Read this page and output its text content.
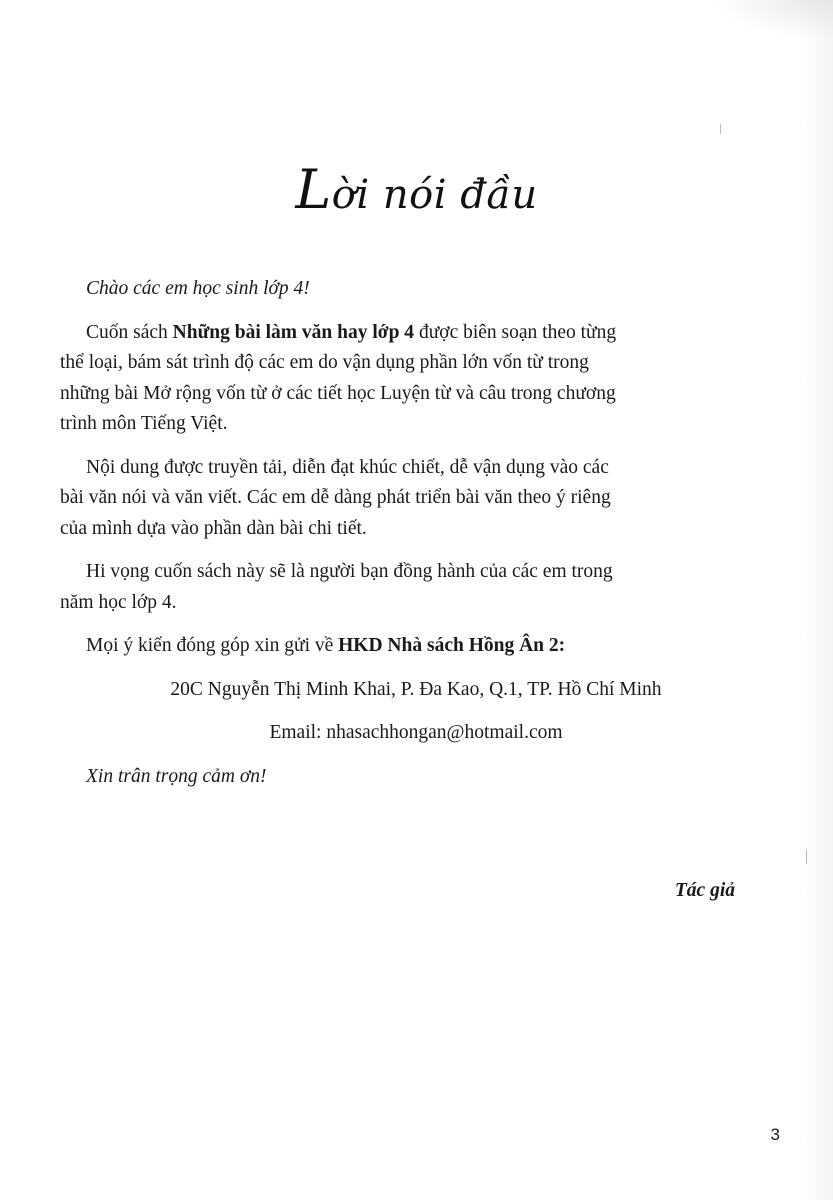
Lời nói đầu

Chào các em học sinh lớp 4!

Cuốn sách Những bài làm văn hay lớp 4 được biên soạn theo từng
thể loại, bám sát trình độ các em do vận dụng phần lớn vốn từ trong
những bài Mở rộng vốn từ ở các tiết học Luyện từ và câu trong chương
trình môn Tiếng Việt.

Nội dung được truyền tải, diễn đạt khúc chiết, dễ vận dụng vào các
bài văn nói và văn viết. Các em dễ dàng phát triển bài văn theo ý riêng
của mình dựa vào phần dàn bài chi tiết.

Hi vọng cuốn sách này sẽ là người bạn đồng hành của các em trong
năm học lớp 4.

Mọi ý kiến đóng góp xin gửi về HKD Nhà sách Hồng Ân 2:

20C Nguyễn Thị Minh Khai, P. Đa Kao, Q.1, TP. Hồ Chí Minh

Email: nhasachhongan@hotmail.com

Xin trân trọng cảm ơn!

Tác giả
3
